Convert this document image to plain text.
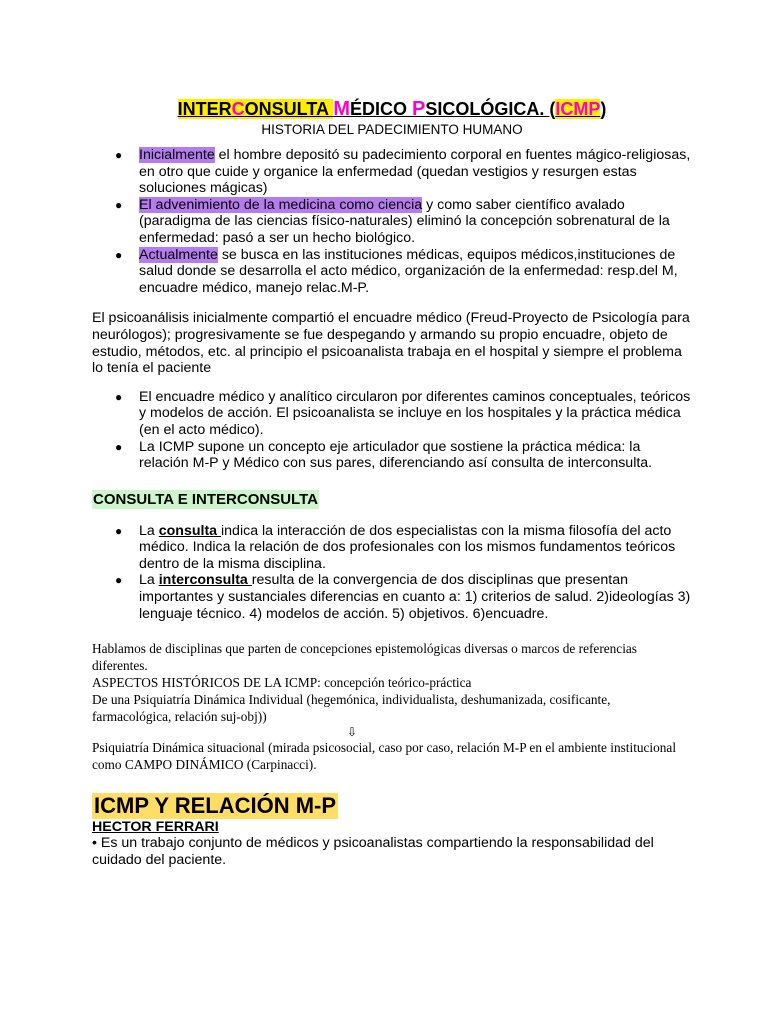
INTERCONSULTA MÉDICO PSICOLÓGICA. (ICMP)
HISTORIA DEL PADECIMIENTO HUMANO
● Inicialmente el hombre depositó su padecimiento corporal en fuentes mágico-religiosas, en otro que cuide y organice la enfermedad (quedan vestigios y resurgen estas soluciones mágicas)
● El advenimiento de la medicina como ciencia y como saber científico avalado (paradigma de las ciencias físico-naturales) eliminó la concepción sobrenatural de la enfermedad: pasó a ser un hecho biológico.
● Actualmente se busca en las instituciones médicas, equipos médicos,instituciones de salud donde se desarrolla el acto médico, organización de la enfermedad: resp.del M, encuadre médico, manejo relac.M-P.

El psicoanálisis inicialmente compartió el encuadre médico (Freud-Proyecto de Psicología para neurólogos); progresivamente se fue despegando y armando su propio encuadre, objeto de estudio, métodos, etc. al principio el psicoanalista trabaja en el hospital y siempre el problema lo tenía el paciente

● El encuadre médico y analítico circularon por diferentes caminos conceptuales, teóricos y modelos de acción. El psicoanalista se incluye en los hospitales y la práctica médica (en el acto médico).
● La ICMP supone un concepto eje articulador que sostiene la práctica médica: la relación M-P y Médico con sus pares, diferenciando así consulta de interconsulta.
CONSULTA E INTERCONSULTA
● La consulta indica la interacción de dos especialistas con la misma filosofía del acto médico. Indica la relación de dos profesionales con los mismos fundamentos teóricos dentro de la misma disciplina.
● La interconsulta resulta de la convergencia de dos disciplinas que presentan importantes y sustanciales diferencias en cuanto a: 1) criterios de salud. 2)ideologías 3) lenguaje técnico. 4) modelos de acción. 5) objetivos. 6)encuadre.
Hablamos de disciplinas que parten de concepciones epistemológicas diversas o marcos de referencias diferentes.
ASPECTOS HISTÓRICOS DE LA ICMP: concepción teórico-práctica
De una Psiquiatría Dinámica Individual (hegemónica, individualista, deshumanizada, cosificante, farmacológica, relación suj-obj))
⇩
Psiquiatría Dinámica situacional (mirada psicosocial, caso por caso, relación M-P en el ambiente institucional como CAMPO DINÁMICO (Carpinacci).
ICMP Y RELACIÓN M-P
HECTOR FERRARI

• Es un trabajo conjunto de médicos y psicoanalistas compartiendo la responsabilidad del cuidado del paciente.
